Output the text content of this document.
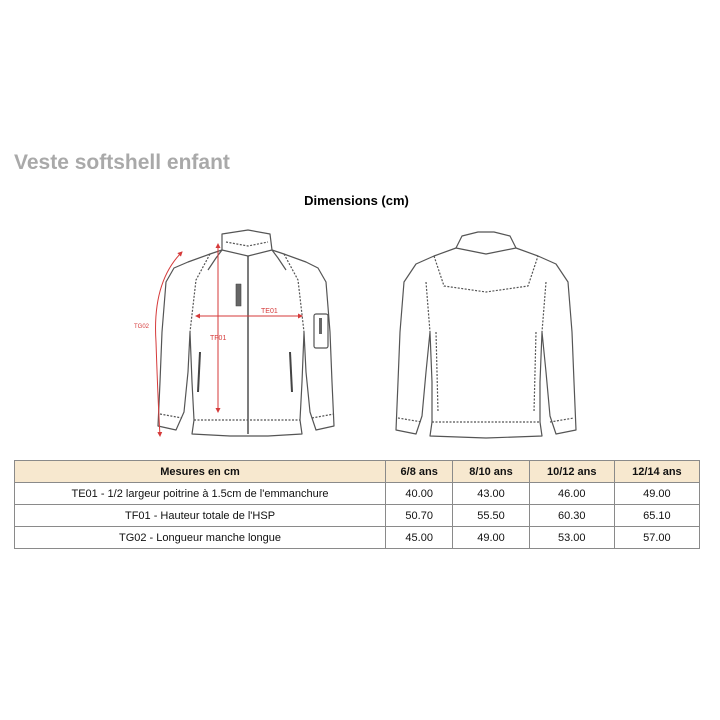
Veste softshell enfant
Dimensions (cm)
TE01
TF01
TG02
Mesures en cm	6/8 ans	8/10 ans	10/12 ans	12/14 ans
TE01 - 1/2 largeur poitrine à 1.5cm de l'emmanchure	40.00	43.00	46.00	49.00
TF01 - Hauteur totale de l'HSP	50.70	55.50	60.30	65.10
TG02 - Longueur manche longue	45.00	49.00	53.00	57.00
